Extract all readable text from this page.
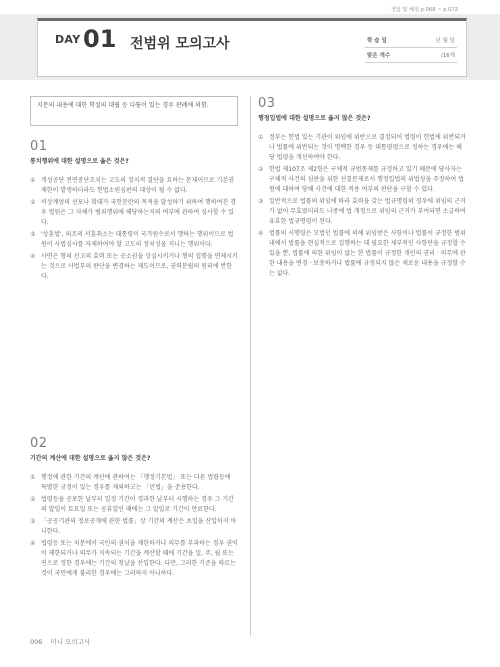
정답 및 해설 p.068 ~ p.072
DAY 01 전범위 모의고사	학 습 일	년 월 일
맞은 개수	/16개
지문의 내용에 대한 학설의 대립 등 다툼이 있는 경우 판례에 의함.
01
통치행위에 대한 설명으로 옳은 것은?
① 개성공단 전면중단조치는 고도의 정치적 결단을 요하는 문제이므로 기본권 제한이 발생하더라도 헌법소원심판의 대상이 될 수 없다.
② 비상계엄의 선포나 확대가 국헌문란의 목적을 달성하기 위하여 행하여진 경우 법원은 그 자체가 범죄행위에 해당하는지의 여부에 관하여 심사할 수 있다.
③ '상훈법', 외조의 서훈취소는 대통령이 국가원수로서 행하는 행위이므로 법원이 사법심사를 자제하여야 할 고도의 정치성을 지니는 행위이다.
④ 사면은 형의 선고의 효력 또는 공소권을 상실시키거나 형의 집행을 면제시키는 것으로 사법부의 판단을 변경하는 제도이므로, 권력분립의 원리에 반한다.
02
기간의 계산에 대한 설명으로 옳지 않은 것은?
① 행정에 관한 기간의 계산에 관하여는 「행정기본법」 또는 다른 법령등에 특별한 규정이 있는 경우를 제외하고는 「민법」을 준용한다.
② 법령등을 공포한 날부터 일정 기간이 경과한 날부터 시행하는 경우 그 기간의 말일이 토요일 또는 공휴일인 때에는 그 말일로 기간이 만료한다.
③ 「공공기관의 정보공개에 관한 법률」상 기간의 계산은 초일을 산입하지 아니한다.
④ 법령등 또는 처분에서 국민의 권익을 제한하거나 의무를 부과하는 경우 권익이 제한되거나 의무가 지속되는 기간을 계산할 때에 기간을 일, 주, 월 또는 연으로 정한 경우에는 기간의 첫날을 산입한다. 다만, 그러한 기준을 따르는 것이 국민에게 불리한 경우에는 그러하지 아니하다.
03
행정입법에 대한 설명으로 옳지 않은 것은?
① 정부는 헌법 있는 기관이 위임에 위반으로 결정되어 법령이 헌법에 위반되거나 법률에 위반되는 것이 명백한 경우 등 대통령령으로 정하는 경우에는 해당 법령을 개선하여야 한다.
② 헌법 제107조 제2항은 구체적 규범통제를 규정하고 있기 때문에 당사자는 구체적 사건의 심판을 위한 선결문제로서 행정입법의 위법성을 주장하여 법원에 대하여 당해 사건에 대한 적용 여부의 판단을 구할 수 있다.
③ 일반적으로 법률의 위임에 따라 효력을 갖는 법규명령의 경우에 위임의 근거가 없어 무효였더라도 나중에 법 개정으로 위임의 근거가 부여되면 소급하여 유효한 법규명령이 된다.
④ 법률의 시행령은 모법인 법률에 의해 위임받은 사항이나 법률이 규정한 범위 내에서 법률을 현실적으로 집행하는 데 필요한 세부적인 사항만을 규정할 수 있을 뿐, 법률에 의한 위임이 없는 한 법률이 규정한 개인의 권리 · 의무에 관한 내용을 변경 · 보충하거나 법률에 규정되지 않은 새로운 내용을 규정할 수는 없다.
006 미니 모의고사
